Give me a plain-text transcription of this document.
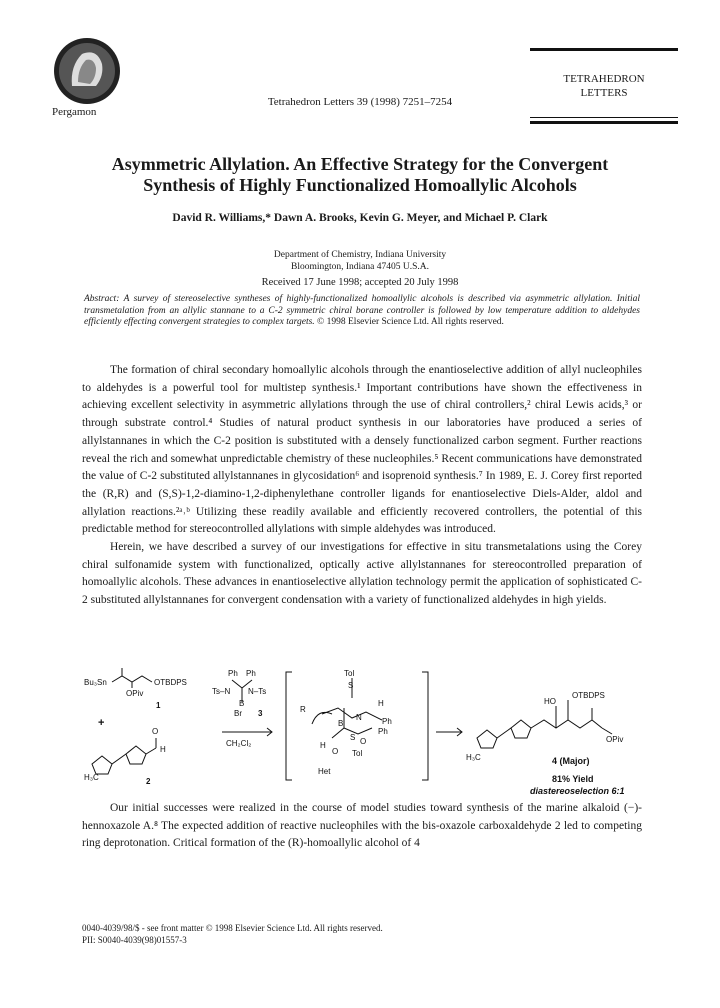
Pergamon
Tetrahedron Letters 39 (1998) 7251–7254
TETRAHEDRON
LETTERS
Asymmetric Allylation. An Effective Strategy for the Convergent
Synthesis of Highly Functionalized Homoallylic Alcohols
David R. Williams,* Dawn A. Brooks, Kevin G. Meyer, and Michael P. Clark
Department of Chemistry, Indiana University
Bloomington, Indiana 47405 U.S.A.
Received 17 June 1998; accepted 20 July 1998
Abstract: A survey of stereoselective syntheses of highly-functionalized homoallylic alcohols is described via asymmetric allylation. Initial transmetalation from an allylic stannane to a C-2 symmetric chiral borane controller is followed by low temperature addition to aldehydes efficiently effecting convergent strategies to complex targets. © 1998 Elsevier Science Ltd. All rights reserved.

The formation of chiral secondary homoallylic alcohols through the enantioselective addition of allyl nucleophiles to aldehydes is a powerful tool for multistep synthesis.¹ Important contributions have shown the effectiveness in achieving excellent selectivity in asymmetric allylations through the use of chiral controllers,² chiral Lewis acids,³ or through substrate control.⁴ Studies of natural product synthesis in our laboratories have produced a series of allylstannanes in which the C-2 position is substituted with a densely functionalized carbon segment. Further reactions reveal the rich and somewhat unpredictable chemistry of these nucleophiles.⁵ Recent communications have demonstrated the value of C-2 substituted allylstannanes in glycosidation⁶ and isoprenoid synthesis.⁷ In 1989, E. J. Corey first reported the (R,R) and (S,S)-1,2-diamino-1,2-diphenylethane controller ligands for enantioselective Diels-Alder, aldol and allylation reactions.²ᵃ˒ᵇ Utilizing these readily available and efficiently recovered controllers, the potential of this predictable method for stereocontrolled allylations with simple aldehydes was introduced.

Herein, we have described a survey of our investigations for effective in situ transmetalations using the Corey chiral sulfonamide system with functionalized, optically active allylstannanes for stereocontrolled preparation of homoallylic alcohols. These advances in enantioselective allylation technology permit the application of sophisticated C-2 substituted allylstannanes for convergent condensation with a variety of functionalized aldehydes in high yields.

Bu₃Sn	OTBDPS
OPiv
1
+
O
H
H₃C	2
Ph Ph
Ts–N N–Ts
B
Br 3
CH₂Cl₂
Tol
S
R
H
Ph
Ph
B
N
S O
Tol
H
O
Het
HO
OTBDPS
OPiv
H₃C	4 (Major)
81% Yield
diastereoselection 6:1

Our initial successes were realized in the course of model studies toward synthesis of the marine alkaloid (−)-hennoxazole A.⁸ The expected addition of reactive nucleophiles with the bis-oxazole carboxaldehyde 2 led to competing ring deprotonation. Critical formation of the (R)-homoallylic alcohol of 4

0040-4039/98/$ - see front matter © 1998 Elsevier Science Ltd. All rights reserved.
PII: S0040-4039(98)01557-3
